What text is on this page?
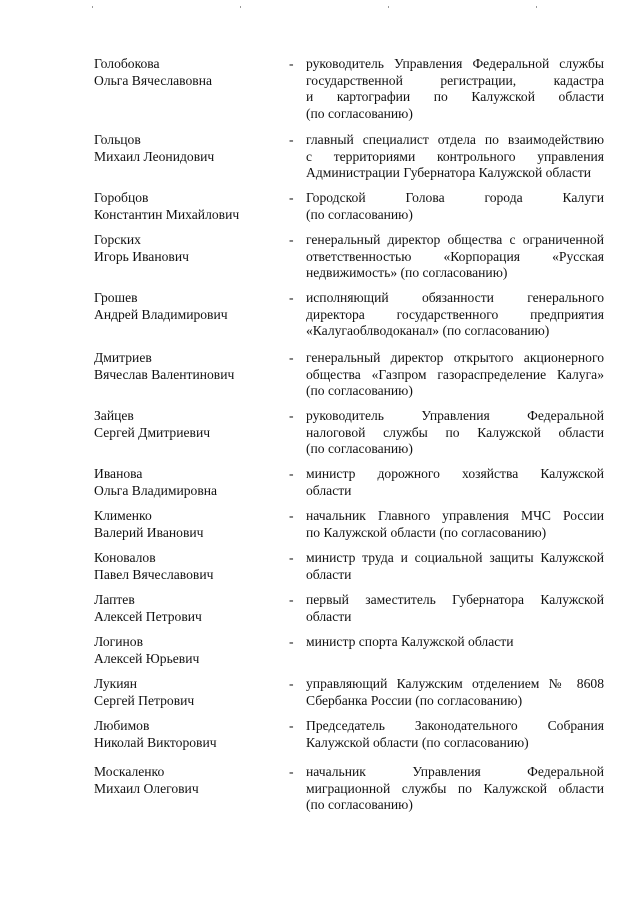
Голобокова
Ольга Вячеславовна
- руководитель Управления Федеральной службы
государственной регистрации, кадастра
и картографии по Калужской области
(по согласованию)
Гольцов
Михаил Леонидович
- главный специалист отдела по взаимодействию
с территориями контрольного управления
Администрации Губернатора Калужской области
Горобцов
Константин Михайлович
- Городской Голова города Калуги
(по согласованию)
Горских
Игорь Иванович
- генеральный директор общества с ограниченной
ответственностью «Корпорация «Русская
недвижимость» (по согласованию)
Грошев
Андрей Владимирович
- исполняющий обязанности генерального
директора государственного предприятия
«Калугаоблводоканал» (по согласованию)
Дмитриев
Вячеслав Валентинович
- генеральный директор открытого акционерного
общества «Газпром газораспределение Калуга»
(по согласованию)
Зайцев
Сергей Дмитриевич
- руководитель Управления Федеральной
налоговой службы по Калужской области
(по согласованию)
Иванова
Ольга Владимировна
- министр дорожного хозяйства Калужской
области
Клименко
Валерий Иванович
- начальник Главного управления МЧС России
по Калужской области (по согласованию)
Коновалов
Павел Вячеславович
- министр труда и социальной защиты Калужской
области
Лаптев
Алексей Петрович
- первый заместитель Губернатора Калужской
области
Логинов
Алексей Юрьевич
- министр спорта Калужской области
Лукиян
Сергей Петрович
- управляющий Калужским отделением № 8608
Сбербанка России (по согласованию)
Любимов
Николай Викторович
- Председатель Законодательного Собрания
Калужской области (по согласованию)
Москаленко
Михаил Олегович
- начальник Управления Федеральной
миграционной службы по Калужской области
(по согласованию)
